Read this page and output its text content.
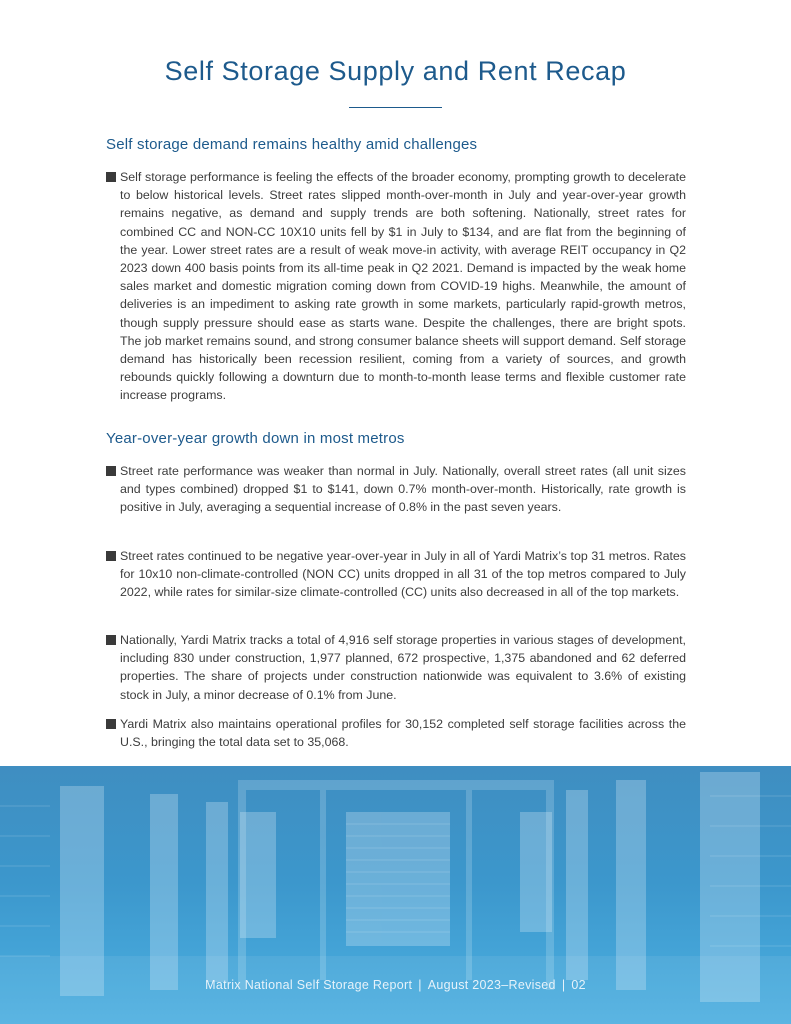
Self Storage Supply and Rent Recap
Self storage demand remains healthy amid challenges
Self storage performance is feeling the effects of the broader economy, prompting growth to decelerate to below historical levels. Street rates slipped month-over-month in July and year-over-year growth remains negative, as demand and supply trends are both softening. Nationally, street rates for combined CC and NON-CC 10X10 units fell by $1 in July to $134, and are flat from the beginning of the year. Lower street rates are a result of weak move-in activity, with average REIT occupancy in Q2 2023 down 400 basis points from its all-time peak in Q2 2021. Demand is impacted by the weak home sales market and domestic migration coming down from COVID-19 highs. Meanwhile, the amount of deliveries is an impediment to asking rate growth in some markets, particularly rapid-growth metros, though supply pressure should ease as starts wane. Despite the challenges, there are bright spots. The job market remains sound, and strong consumer balance sheets will support demand. Self storage demand has historically been recession resilient, coming from a variety of sources, and growth rebounds quickly following a downturn due to month-to-month lease terms and flexible customer rate increase programs.
Year-over-year growth down in most metros
Street rate performance was weaker than normal in July. Nationally, overall street rates (all unit sizes and types combined) dropped $1 to $141, down 0.7% month-over-month. Historically, rate growth is positive in July, averaging a sequential increase of 0.8% in the past seven years.
Street rates continued to be negative year-over-year in July in all of Yardi Matrix’s top 31 metros. Rates for 10x10 non-climate-controlled (NON CC) units dropped in all 31 of the top metros compared to July 2022, while rates for similar-size climate-controlled (CC) units also decreased in all of the top markets.
Nationally, Yardi Matrix tracks a total of 4,916 self storage properties in various stages of development, including 830 under construction, 1,977 planned, 672 prospective, 1,375 abandoned and 62 deferred properties. The share of projects under construction nationwide was equivalent to 3.6% of existing stock in July, a minor decrease of 0.1% from June.
Yardi Matrix also maintains operational profiles for 30,152 completed self storage facilities across the U.S., bringing the total data set to 35,068.
Matrix National Self Storage Report | August 2023–Revised | 02
